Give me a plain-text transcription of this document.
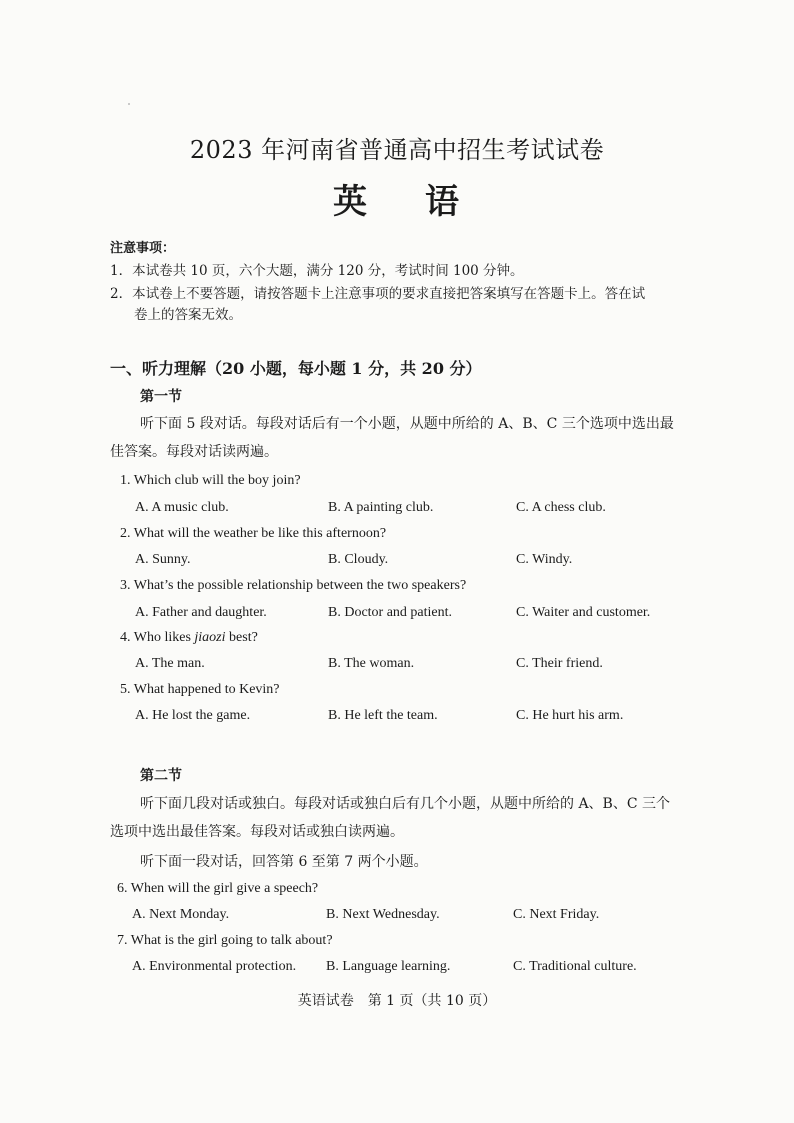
2023 年河南省普通高中招生考试试卷
英 语
注意事项：
1．本试卷共 10 页，六个大题，满分 120 分，考试时间 100 分钟。
2．本试卷上不要答题，请按答题卡上注意事项的要求直接把答案填写在答题卡上。答在试
卷上的答案无效。
一、听力理解（20 小题，每小题 1 分，共 20 分）
第一节
听下面 5 段对话。每段对话后有一个小题，从题中所给的 A、B、C 三个选项中选出最
佳答案。每段对话读两遍。
1. Which club will the boy join?
A. A music club.	B. A painting club.	C. A chess club.
2. What will the weather be like this afternoon?
A. Sunny.	B. Cloudy.	C. Windy.
3. What’s the possible relationship between the two speakers?
A. Father and daughter.	B. Doctor and patient.	C. Waiter and customer.
4. Who likes jiaozi best?
A. The man.	B. The woman.	C. Their friend.
5. What happened to Kevin?
A. He lost the game.	B. He left the team.	C. He hurt his arm.
第二节
听下面几段对话或独白。每段对话或独白后有几个小题，从题中所给的 A、B、C 三个
选项中选出最佳答案。每段对话或独白读两遍。
听下面一段对话，回答第 6 至第 7 两个小题。
6. When will the girl give a speech?
A. Next Monday.	B. Next Wednesday.	C. Next Friday.
7. What is the girl going to talk about?
A. Environmental protection. B. Language learning.	C. Traditional culture.
英语试卷　第 1 页（共 10 页）
